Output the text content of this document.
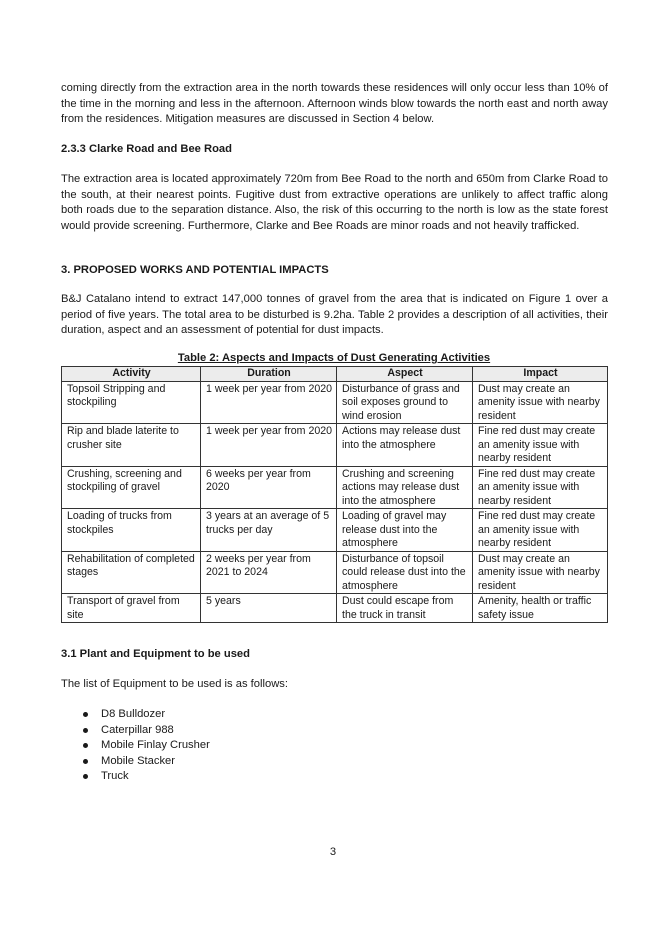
coming directly from the extraction area in the north towards these residences will only occur less than 10% of the time in the morning and less in the afternoon. Afternoon winds blow towards the north east and north away from the residences. Mitigation measures are discussed in Section 4 below.

2.3.3 Clarke Road and Bee Road

The extraction area is located approximately 720m from Bee Road to the north and 650m from Clarke Road to the south, at their nearest points. Fugitive dust from extractive operations are unlikely to affect traffic along both roads due to the separation distance. Also, the risk of this occurring to the north is low as the state forest would provide screening. Furthermore, Clarke and Bee Roads are minor roads and not heavily trafficked.

3. PROPOSED WORKS AND POTENTIAL IMPACTS

B&J Catalano intend to extract 147,000 tonnes of gravel from the area that is indicated on Figure 1 over a period of five years. The total area to be disturbed is 9.2ha. Table 2 provides a description of all activities, their duration, aspect and an assessment of potential for dust impacts.

Table 2: Aspects and Impacts of Dust Generating Activities
Activity	Duration	Aspect	Impact
Topsoil Stripping and stockpiling	1 week per year from 2020	Disturbance of grass and soil exposes ground to wind erosion	Dust may create an amenity issue with nearby resident
Rip and blade laterite to crusher site	1 week per year from 2020	Actions may release dust into the atmosphere	Fine red dust may create an amenity issue with nearby resident
Crushing, screening and stockpiling of gravel	6 weeks per year from 2020	Crushing and screening actions may release dust into the atmosphere	Fine red dust may create an amenity issue with nearby resident
Loading of trucks from stockpiles	3 years at an average of 5 trucks per day	Loading of gravel may release dust into the atmosphere	Fine red dust may create an amenity issue with nearby resident
Rehabilitation of completed stages	2 weeks per year from 2021 to 2024	Disturbance of topsoil could release dust into the atmosphere	Dust may create an amenity issue with nearby resident
Transport of gravel from site	5 years	Dust could escape from the truck in transit	Amenity, health or traffic safety issue

3.1 Plant and Equipment to be used

The list of Equipment to be used is as follows:

D8 Bulldozer
Caterpillar 988
Mobile Finlay Crusher
Mobile Stacker
Truck
3
